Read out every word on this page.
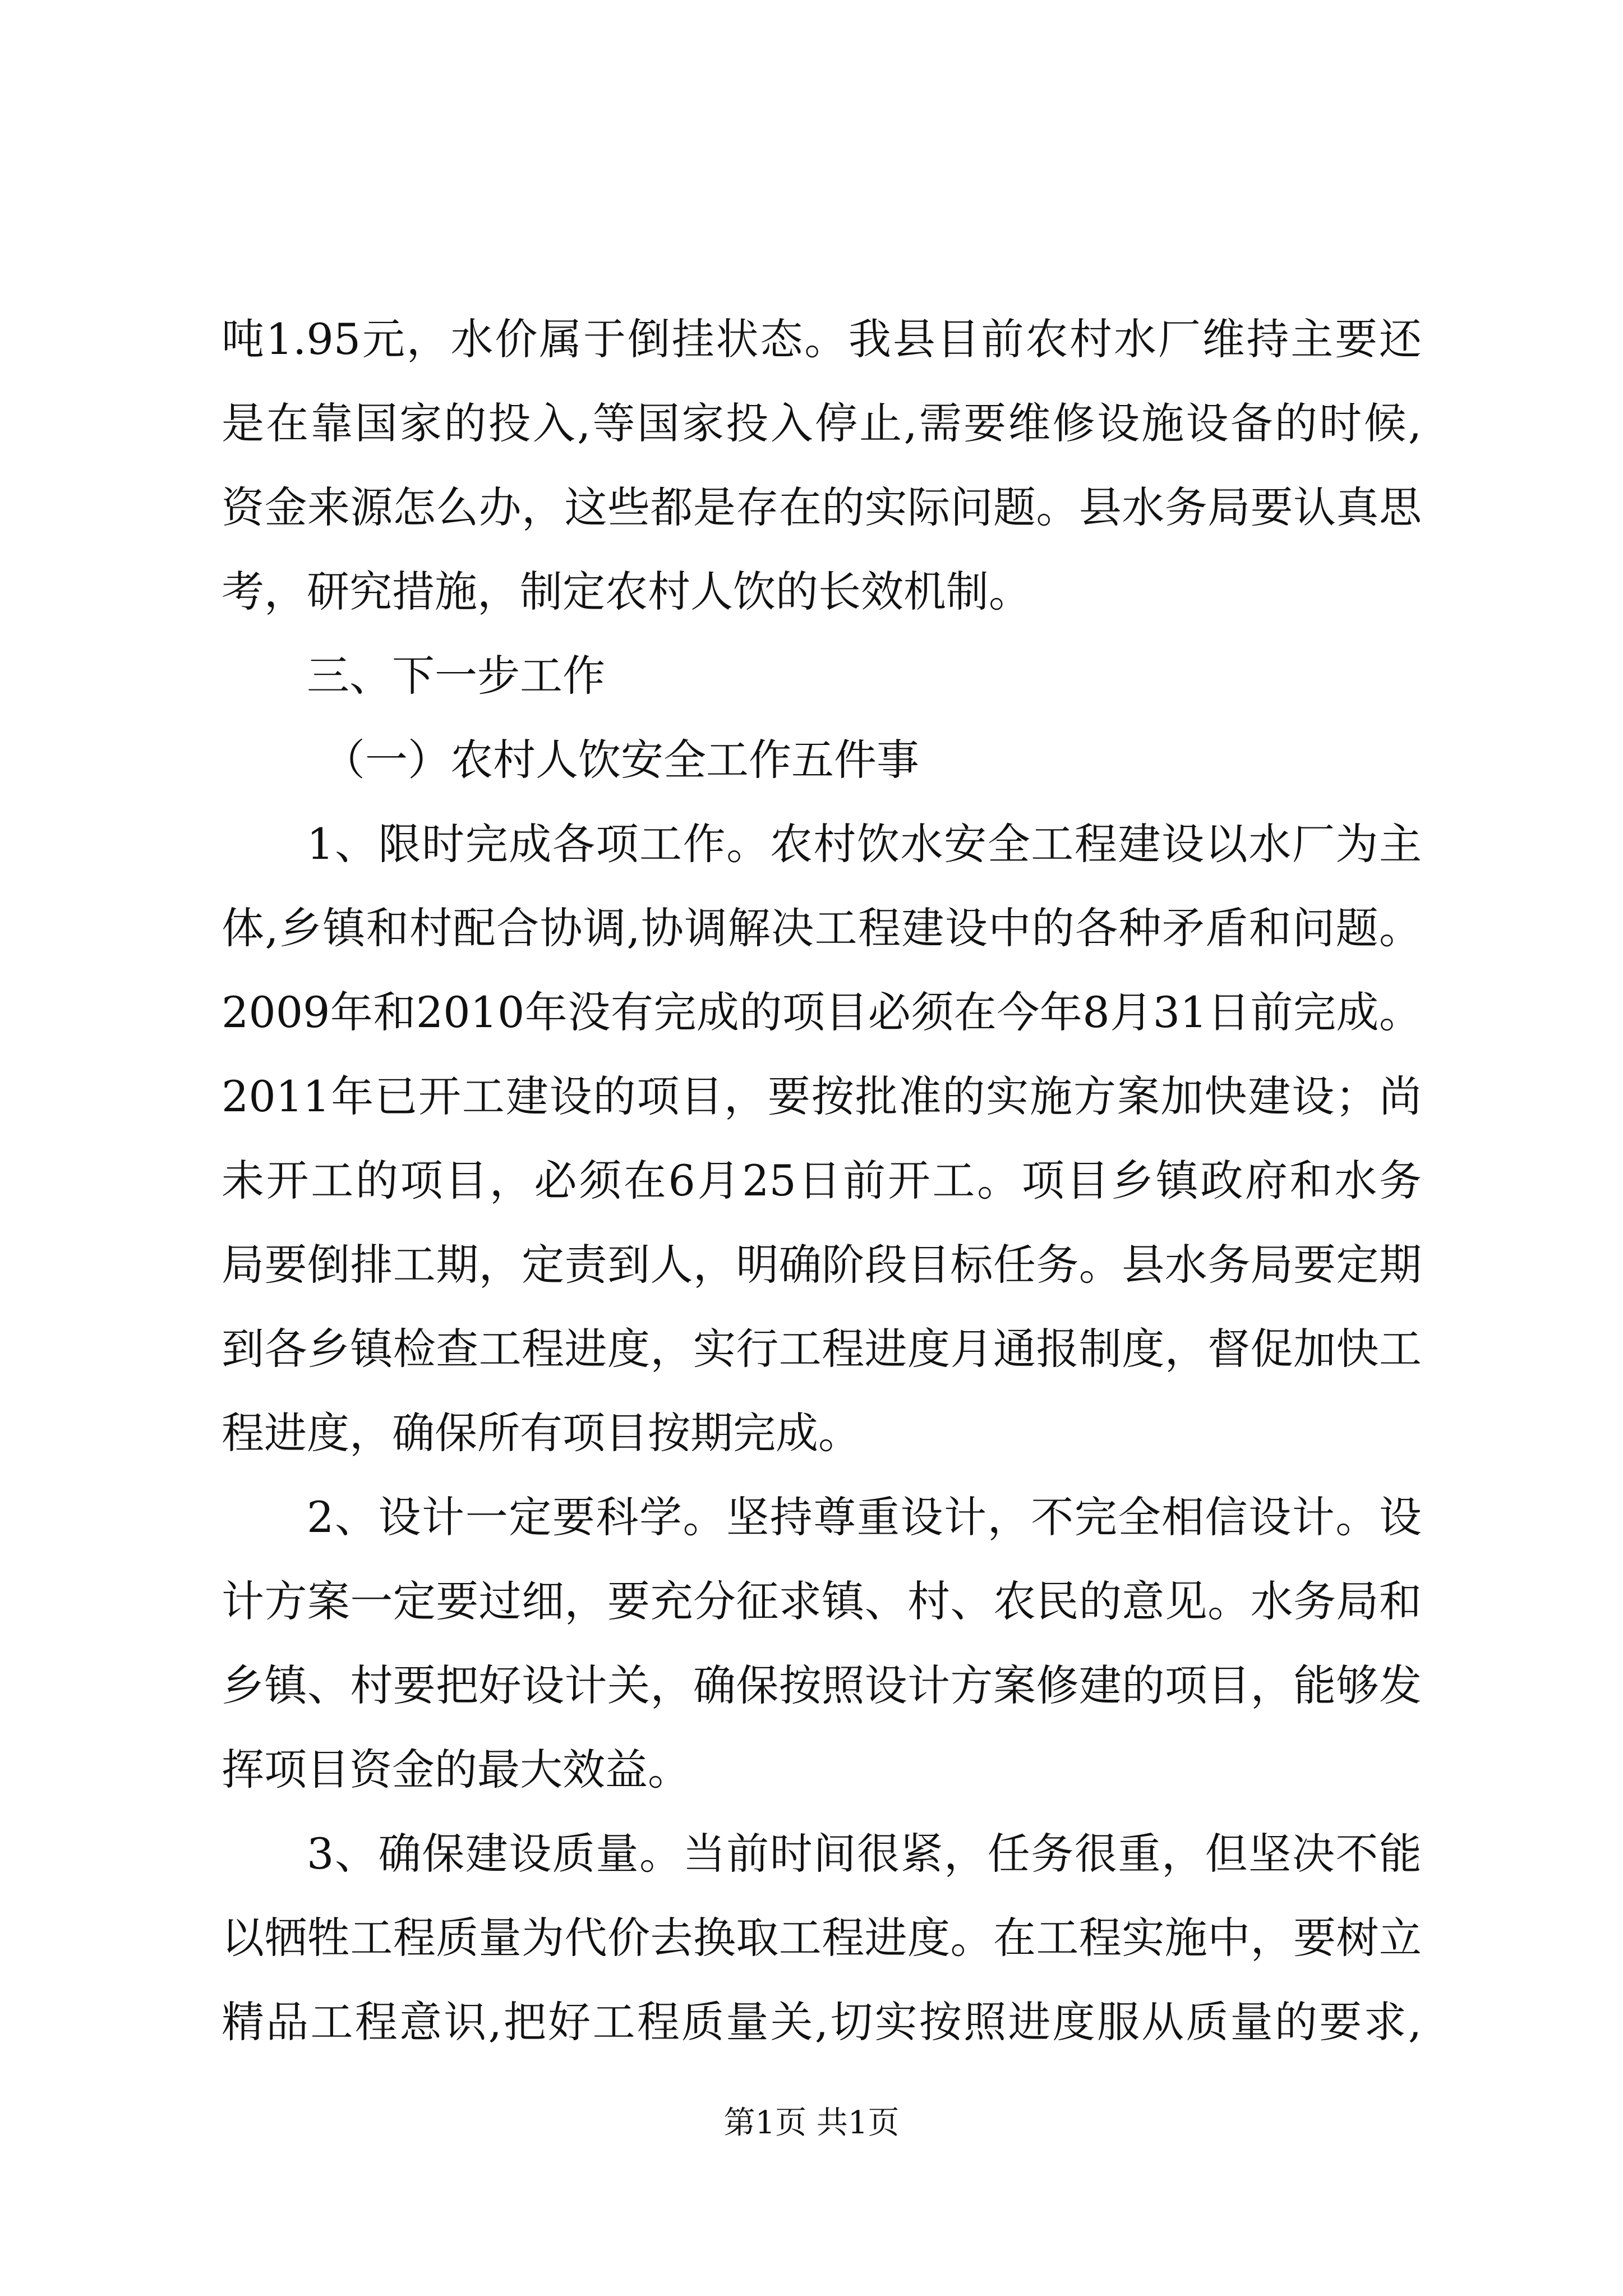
吨1.95元，水价属于倒挂状态。我县目前农村水厂维持主要还
是在靠国家的投入,等国家投入停止,需要维修设施设备的时候,
资金来源怎么办，这些都是存在的实际问题。县水务局要认真思
考，研究措施，制定农村人饮的长效机制。
三、下一步工作
（一）农村人饮安全工作五件事
1、限时完成各项工作。农村饮水安全工程建设以水厂为主
体,乡镇和村配合协调,协调解决工程建设中的各种矛盾和问题。
2009年和2010年没有完成的项目必须在今年8月31日前完成。
2011年已开工建设的项目，要按批准的实施方案加快建设；尚
未开工的项目，必须在6月25日前开工。项目乡镇政府和水务
局要倒排工期，定责到人，明确阶段目标任务。县水务局要定期
到各乡镇检查工程进度，实行工程进度月通报制度，督促加快工
程进度，确保所有项目按期完成。
2、设计一定要科学。坚持尊重设计，不完全相信设计。设
计方案一定要过细，要充分征求镇、村、农民的意见。水务局和
乡镇、村要把好设计关，确保按照设计方案修建的项目，能够发
挥项目资金的最大效益。
3、确保建设质量。当前时间很紧，任务很重，但坚决不能
以牺牲工程质量为代价去换取工程进度。在工程实施中，要树立
精品工程意识,把好工程质量关,切实按照进度服从质量的要求,
第1页 共1页
